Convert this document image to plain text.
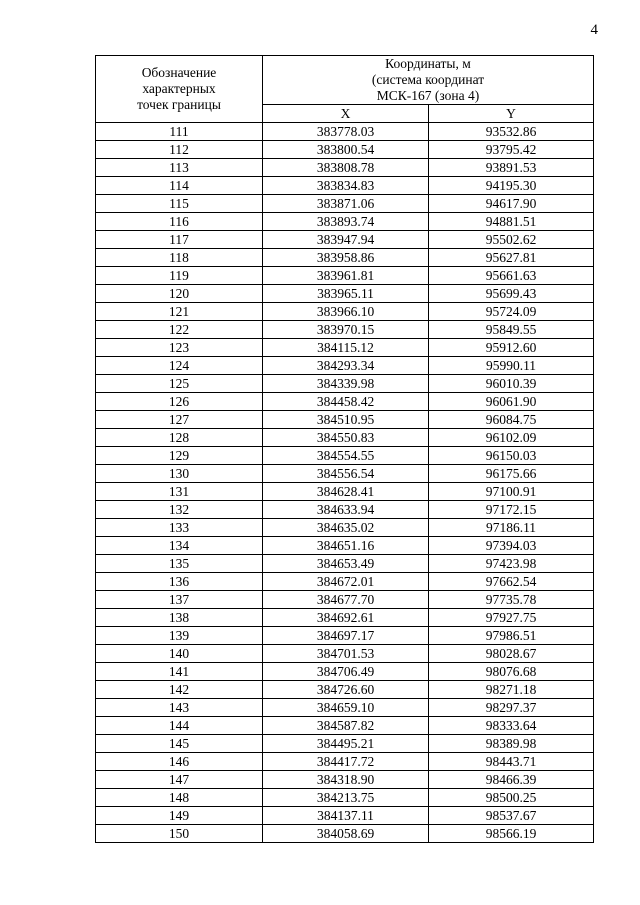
4
Обозначение
характерных
точек границы	Координаты, м
(система координат
МСК-167 (зона 4)	
	X	Y
111	383778.03	93532.86
112	383800.54	93795.42
113	383808.78	93891.53
114	383834.83	94195.30
115	383871.06	94617.90
116	383893.74	94881.51
117	383947.94	95502.62
118	383958.86	95627.81
119	383961.81	95661.63
120	383965.11	95699.43
121	383966.10	95724.09
122	383970.15	95849.55
123	384115.12	95912.60
124	384293.34	95990.11
125	384339.98	96010.39
126	384458.42	96061.90
127	384510.95	96084.75
128	384550.83	96102.09
129	384554.55	96150.03
130	384556.54	96175.66
131	384628.41	97100.91
132	384633.94	97172.15
133	384635.02	97186.11
134	384651.16	97394.03
135	384653.49	97423.98
136	384672.01	97662.54
137	384677.70	97735.78
138	384692.61	97927.75
139	384697.17	97986.51
140	384701.53	98028.67
141	384706.49	98076.68
142	384726.60	98271.18
143	384659.10	98297.37
144	384587.82	98333.64
145	384495.21	98389.98
146	384417.72	98443.71
147	384318.90	98466.39
148	384213.75	98500.25
149	384137.11	98537.67
150	384058.69	98566.19
